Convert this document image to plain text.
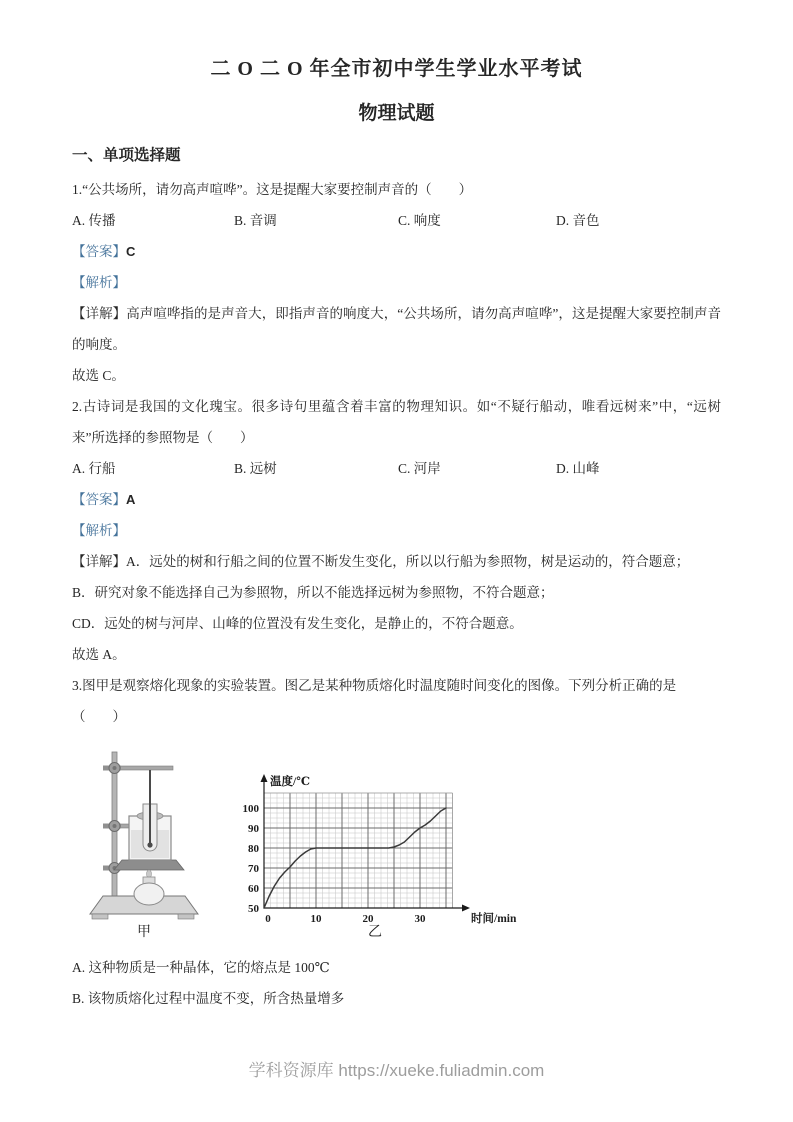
二 O 二 O 年全市初中学生学业水平考试
物理试题
一、单项选择题

1.“公共场所，请勿高声喧哗”。这是提醒大家要控制声音的（　　）

A. 传播	B. 音调	C. 响度	D. 音色

【答案】C

【解析】

【详解】高声喧哗指的是声音大，即指声音的响度大，“公共场所，请勿高声喧哗”，这是提醒大家要控制声音的响度。

故选 C。

2.古诗词是我国的文化瑰宝。很多诗句里蕴含着丰富的物理知识。如“不疑行船动，唯看远树来”中，“远树来”所选择的参照物是（　　）

A. 行船	B. 远树	C. 河岸	D. 山峰

【答案】A

【解析】

【详解】A．远处的树和行船之间的位置不断发生变化，所以以行船为参照物，树是运动的，符合题意；

B．研究对象不能选择自己为参照物，所以不能选择远树为参照物，不符合题意；

CD．远处的树与河岸、山峰的位置没有发生变化，是静止的，不符合题意。

故选 A。

3.图甲是观察熔化现象的实验装置。图乙是某种物质熔化时温度随时间变化的图像。下列分析正确的是

（　　）

甲
50
60
70
80
90
100
0	10	20	30
温度/℃
时间/min
乙

A. 这种物质是一种晶体，它的熔点是 100℃

B. 该物质熔化过程中温度不变，所含热量增多

学科资源库 https://xueke.fuliadmin.com
